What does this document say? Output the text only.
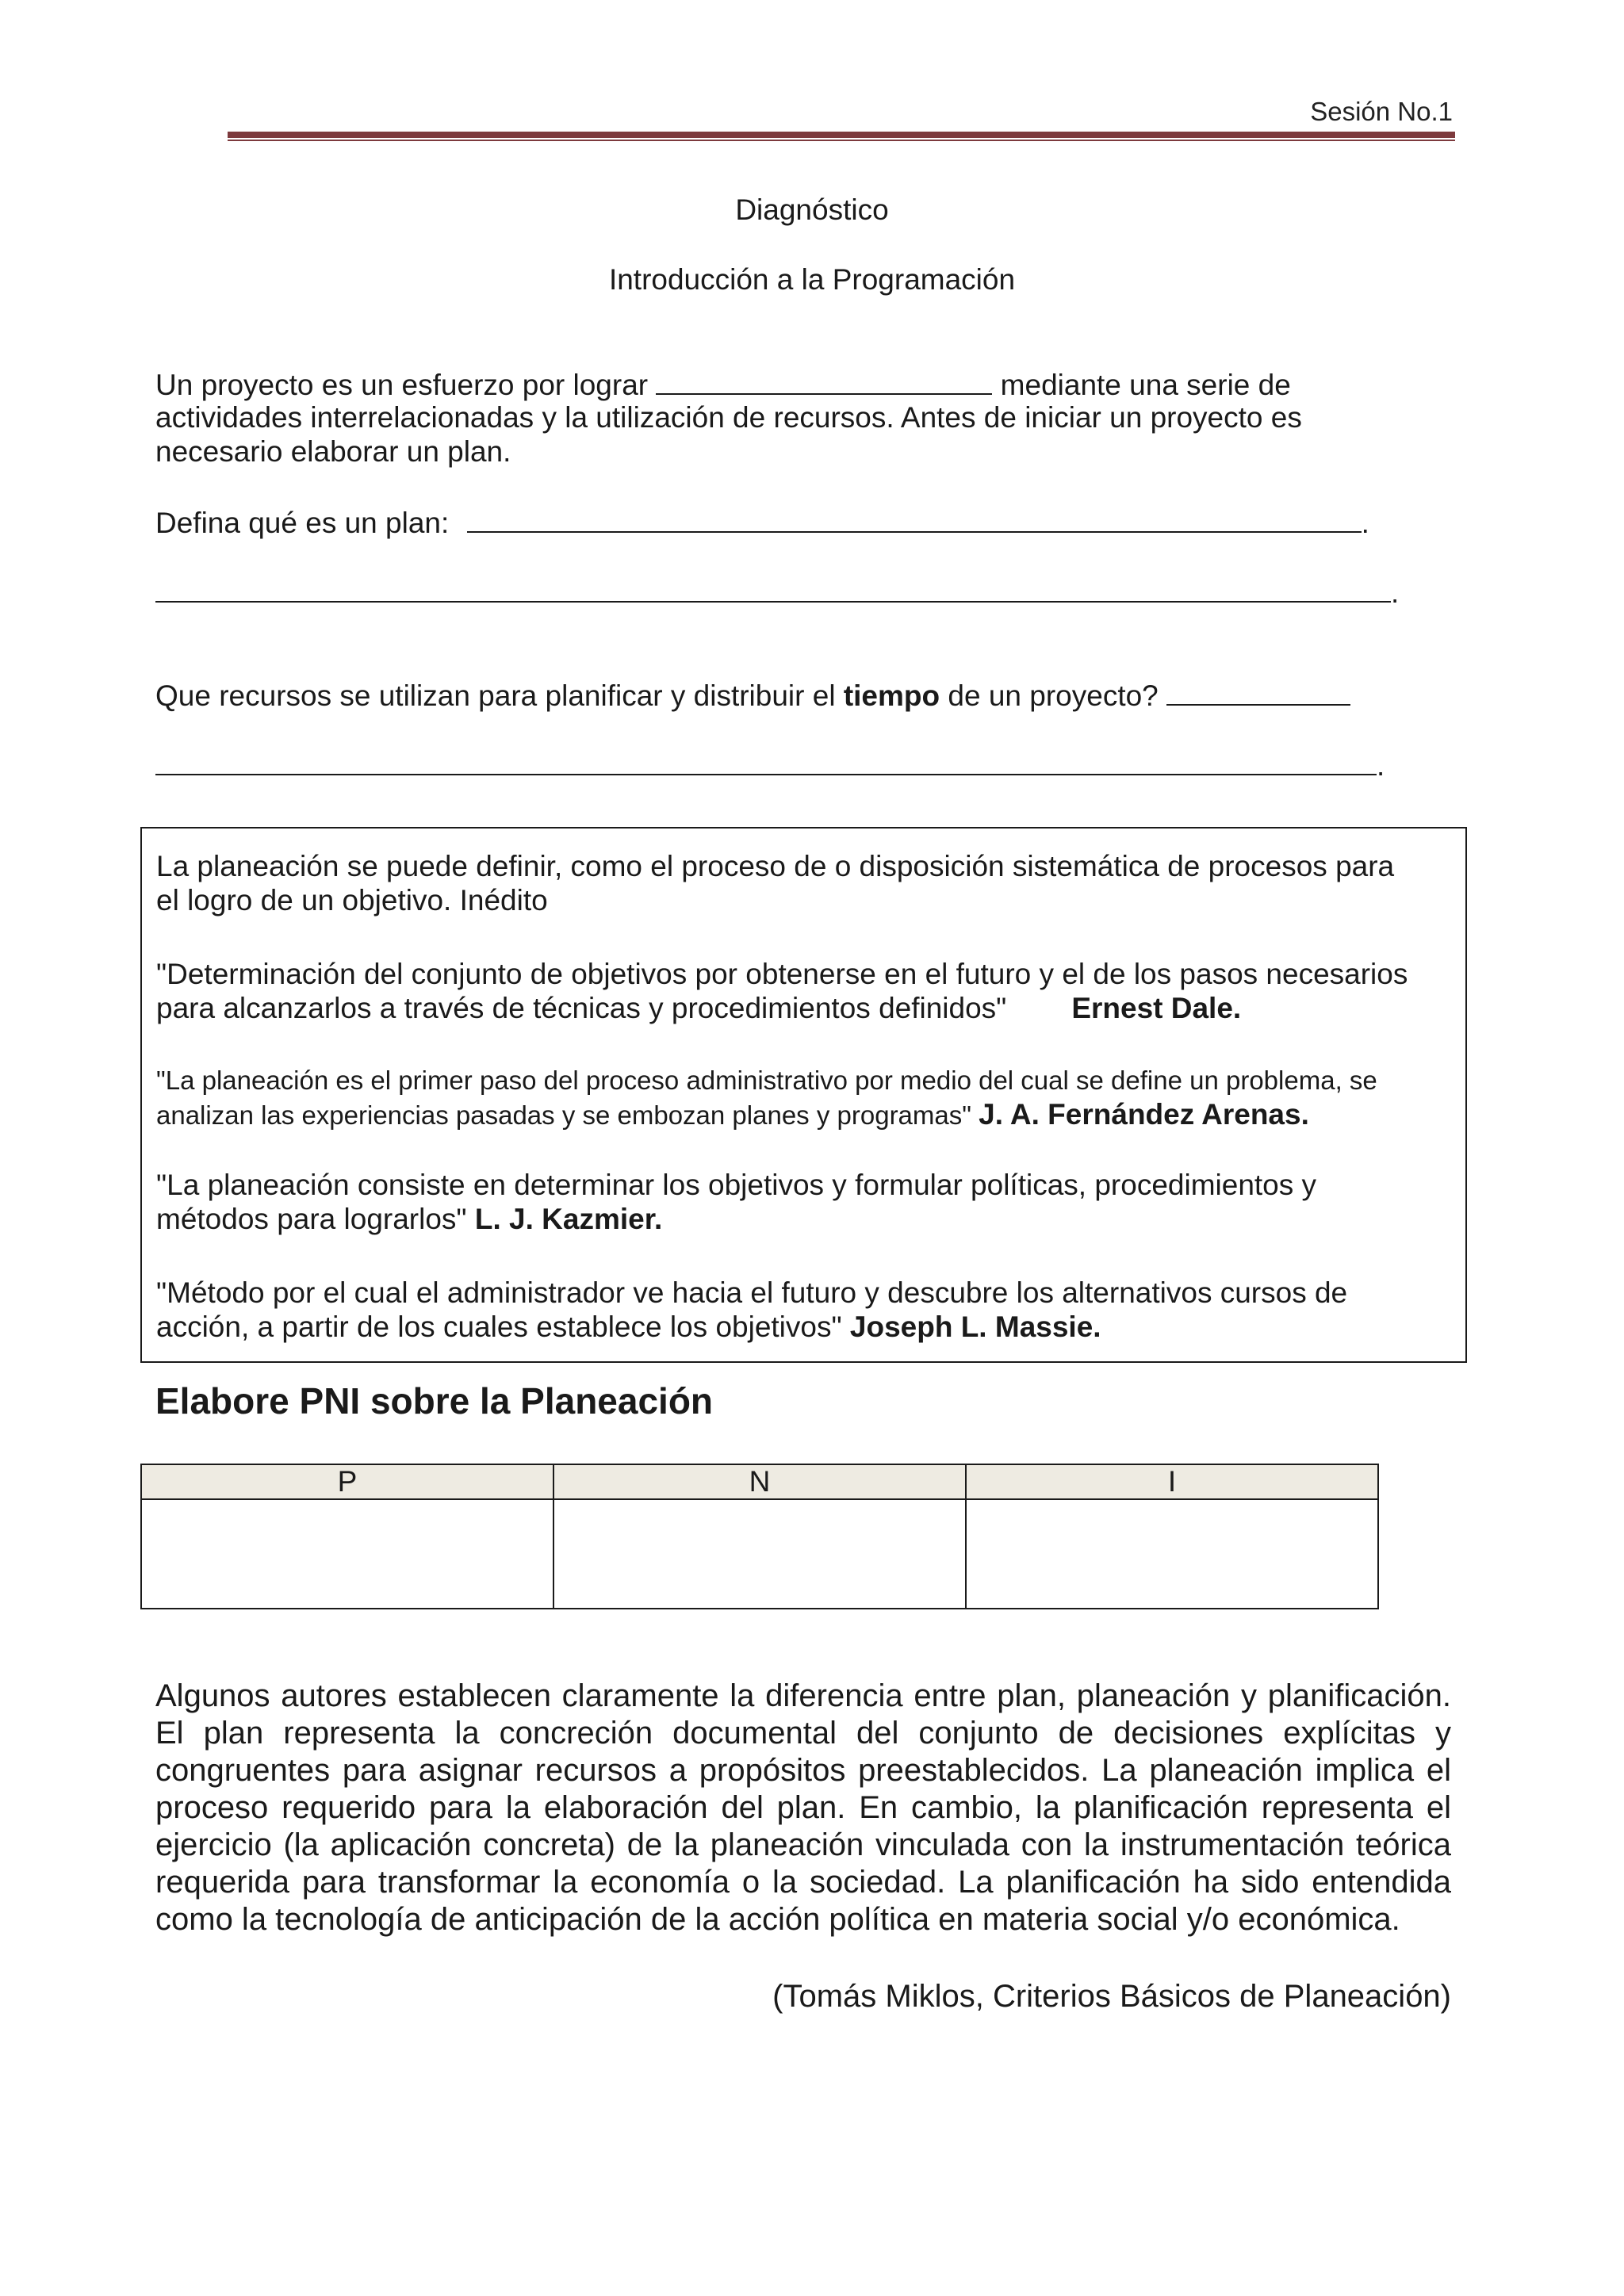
Sesión No.1
Diagnóstico
Introducción a la Programación
Un proyecto es un esfuerzo por lograr	mediante una serie de
actividades interrelacionadas y la utilización de recursos. Antes de iniciar un proyecto es
necesario elaborar un plan.
Defina qué es un plan:	.
.
Que recursos se utilizan para planificar y distribuir el tiempo de un proyecto?
.
La planeación se puede definir, como el proceso de o disposición sistemática de procesos para
el logro de un objetivo. Inédito
"Determinación del conjunto de objetivos por obtenerse en el futuro y el de los pasos necesarios
para alcanzarlos a través de técnicas y procedimientos definidos" Ernest Dale.
"La planeación es el primer paso del proceso administrativo por medio del cual se define un problema, se
analizan las experiencias pasadas y se embozan planes y programas" J. A. Fernández Arenas.
"La planeación consiste en determinar los objetivos y formular políticas, procedimientos y
métodos para lograrlos" L. J. Kazmier.
"Método por el cual el administrador ve hacia el futuro y descubre los alternativos cursos de
acción, a partir de los cuales establece los objetivos" Joseph L. Massie.
Elabore PNI sobre la Planeación
P	N	I

Algunos autores establecen claramente la diferencia entre plan, planeación y planificación. El plan representa la concreción documental del conjunto de decisiones explícitas y congruentes para asignar recursos a propósitos preestablecidos. La planeación implica el proceso requerido para la elaboración del plan. En cambio, la planificación representa el ejercicio (la aplicación concreta) de la planeación vinculada con la instrumentación teórica requerida para transformar la economía o la sociedad. La planificación ha sido entendida como la tecnología de anticipación de la acción política en materia social y/o económica.

(Tomás Miklos, Criterios Básicos de Planeación)
